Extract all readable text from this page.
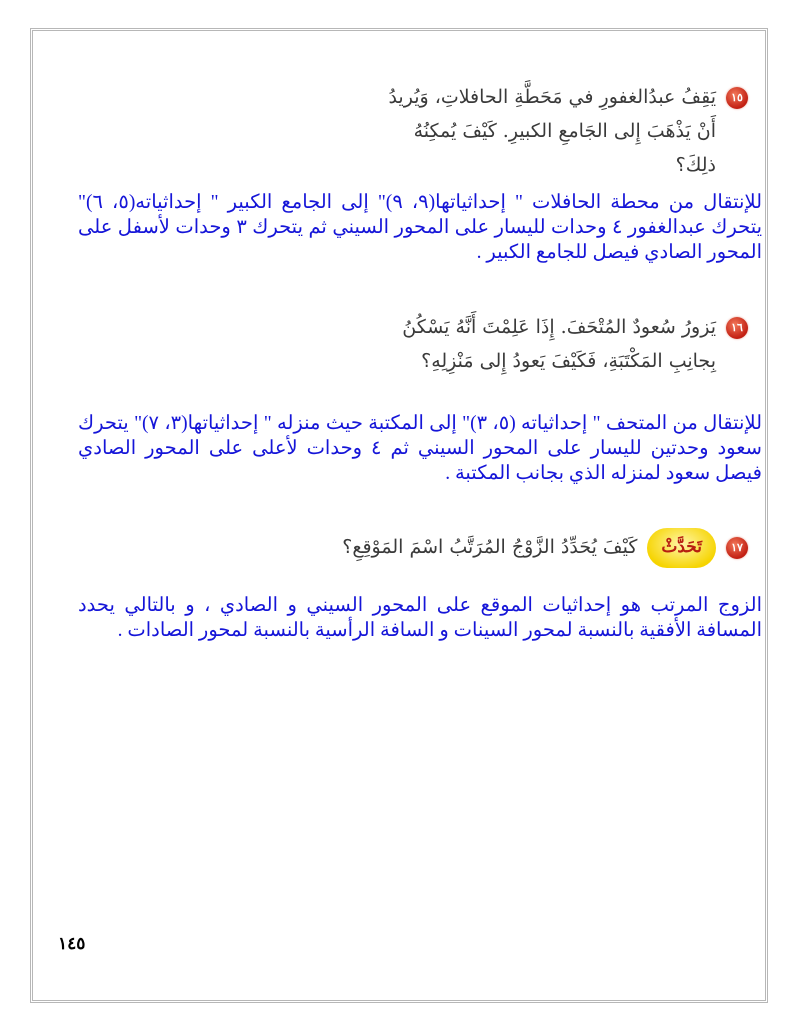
١٥يَقِفُ عبدُالغفورِ في مَحَطَّةِ الحافلاتِ، وَيُريدُ
أَنْ يَذْهَبَ إِلى الجَامعِ الكبيرِ. كَيْفَ يُمكِنُهُ
ذلِكَ؟
للإنتقال من محطة الحافلات " إحداثياتها(٩، ٩)" إلى الجامع الكبير " إحداثياته(٥، ٦)" يتحرك عبدالغفور ٤ وحدات لليسار على المحور السيني ثم يتحرك ٣ وحدات لأسفل على المحور الصادي فيصل للجامع الكبير .
١٦يَزورُ سُعودٌ المُتْحَفَ. إِذَا عَلِمْتَ أَنَّهُ يَسْكُنُ
بِجانِبِ المَكْتَبَةِ، فَكَيْفَ يَعودُ إِلى مَنْزِلِهِ؟
للإنتقال من المتحف " إحداثياته (٥، ٣)" إلى المكتبة حيث منزله " إحداثياتها(٣، ٧)" يتحرك سعود وحدتين لليسار على المحور السيني ثم ٤ وحدات لأعلى على المحور الصادي فيصل سعود لمنزله الذي بجانب المكتبة .
١٧تَحَدَّثْكَيْفَ يُحَدِّدُ الزَّوْجُ المُرَتَّبُ اسْمَ المَوْقِعِ؟
الزوج المرتب هو إحداثيات الموقع على المحور السيني و الصادي ، و بالتالي يحدد المسافة الأفقية بالنسبة لمحور السينات و السافة الرأسية بالنسبة لمحور الصادات .
١٤٥
